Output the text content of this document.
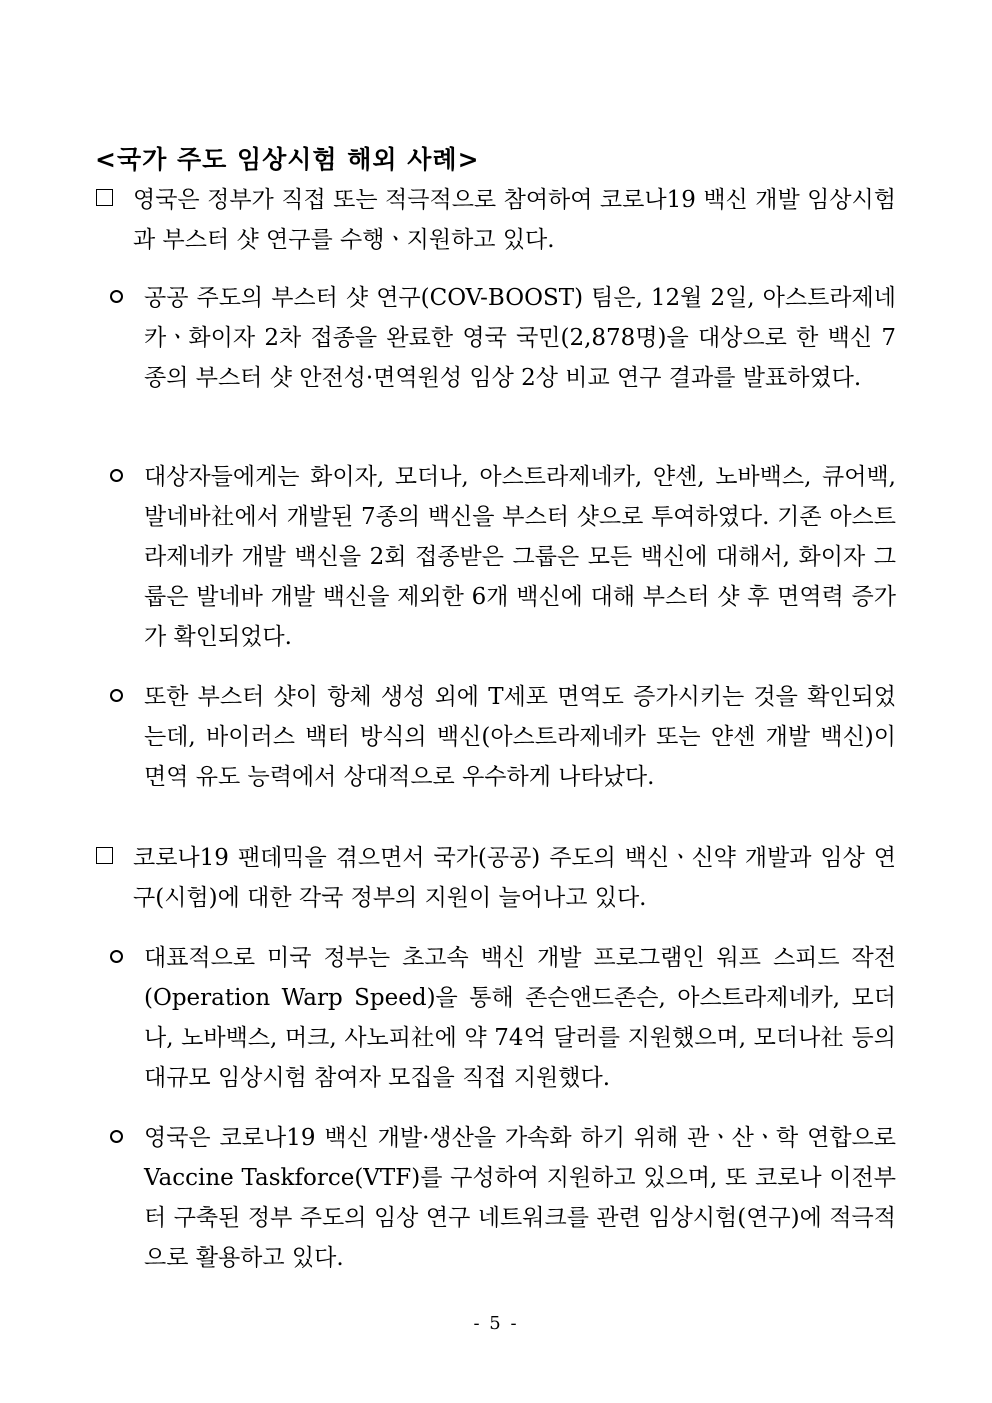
<국가 주도 임상시험 해외 사례>
영국은 정부가 직접 또는 적극적으로 참여하여 코로나19 백신 개발 임상시험과 부스터 샷 연구를 수행ㆍ지원하고 있다.
공공 주도의 부스터 샷 연구(COV-BOOST) 팀은, 12월 2일, 아스트라제네카ㆍ화이자 2차 접종을 완료한 영국 국민(2,878명)을 대상으로 한 백신 7종의 부스터 샷 안전성·면역원성 임상 2상 비교 연구 결과를 발표하였다.
대상자들에게는 화이자, 모더나, 아스트라제네카, 얀센, 노바백스, 큐어백, 발네바社에서 개발된 7종의 백신을 부스터 샷으로 투여하였다. 기존 아스트라제네카 개발 백신을 2회 접종받은 그룹은 모든 백신에 대해서, 화이자 그룹은 발네바 개발 백신을 제외한 6개 백신에 대해 부스터 샷 후 면역력 증가가 확인되었다.
또한 부스터 샷이 항체 생성 외에 T세포 면역도 증가시키는 것을 확인되었는데, 바이러스 백터 방식의 백신(아스트라제네카 또는 얀센 개발 백신)이 면역 유도 능력에서 상대적으로 우수하게 나타났다.
코로나19 팬데믹을 겪으면서 국가(공공) 주도의 백신ㆍ신약 개발과 임상 연구(시험)에 대한 각국 정부의 지원이 늘어나고 있다.
대표적으로 미국 정부는 초고속 백신 개발 프로그램인 워프 스피드 작전(Operation Warp Speed)을 통해 존슨앤드존슨, 아스트라제네카, 모더나, 노바백스, 머크, 사노피社에 약 74억 달러를 지원했으며, 모더나社 등의 대규모 임상시험 참여자 모집을 직접 지원했다.
영국은 코로나19 백신 개발·생산을 가속화 하기 위해 관ㆍ산ㆍ학 연합으로 Vaccine Taskforce(VTF)를 구성하여 지원하고 있으며, 또 코로나 이전부터 구축된 정부 주도의 임상 연구 네트워크를 관련 임상시험(연구)에 적극적으로 활용하고 있다.
- 5 -
